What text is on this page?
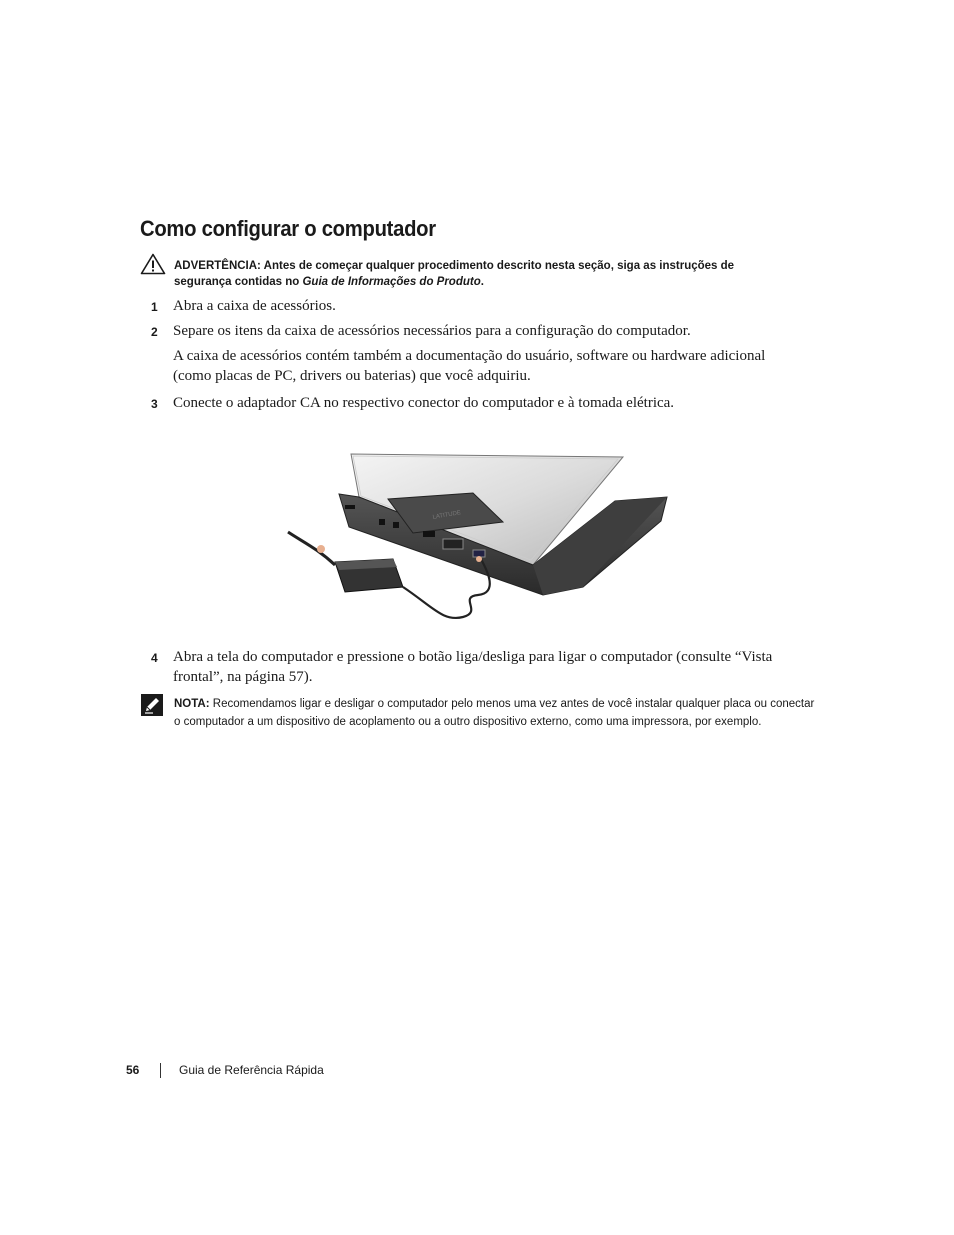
Como configurar o computador
ADVERTÊNCIA: Antes de começar qualquer procedimento descrito nesta seção, siga as instruções de segurança contidas no Guia de Informações do Produto.
1 Abra a caixa de acessórios.
2 Separe os itens da caixa de acessórios necessários para a configuração do computador.
A caixa de acessórios contém também a documentação do usuário, software ou hardware adicional (como placas de PC, drivers ou baterias) que você adquiriu.
3 Conecte o adaptador CA no respectivo conector do computador e à tomada elétrica.
LATITUDE
4 Abra a tela do computador e pressione o botão liga/desliga para ligar o computador (consulte “Vista frontal”, na página 57).
NOTA: Recomendamos ligar e desligar o computador pelo menos uma vez antes de você instalar qualquer placa ou conectar o computador a um dispositivo de acoplamento ou a outro dispositivo externo, como uma impressora, por exemplo.
56	Guia de Referência Rápida
